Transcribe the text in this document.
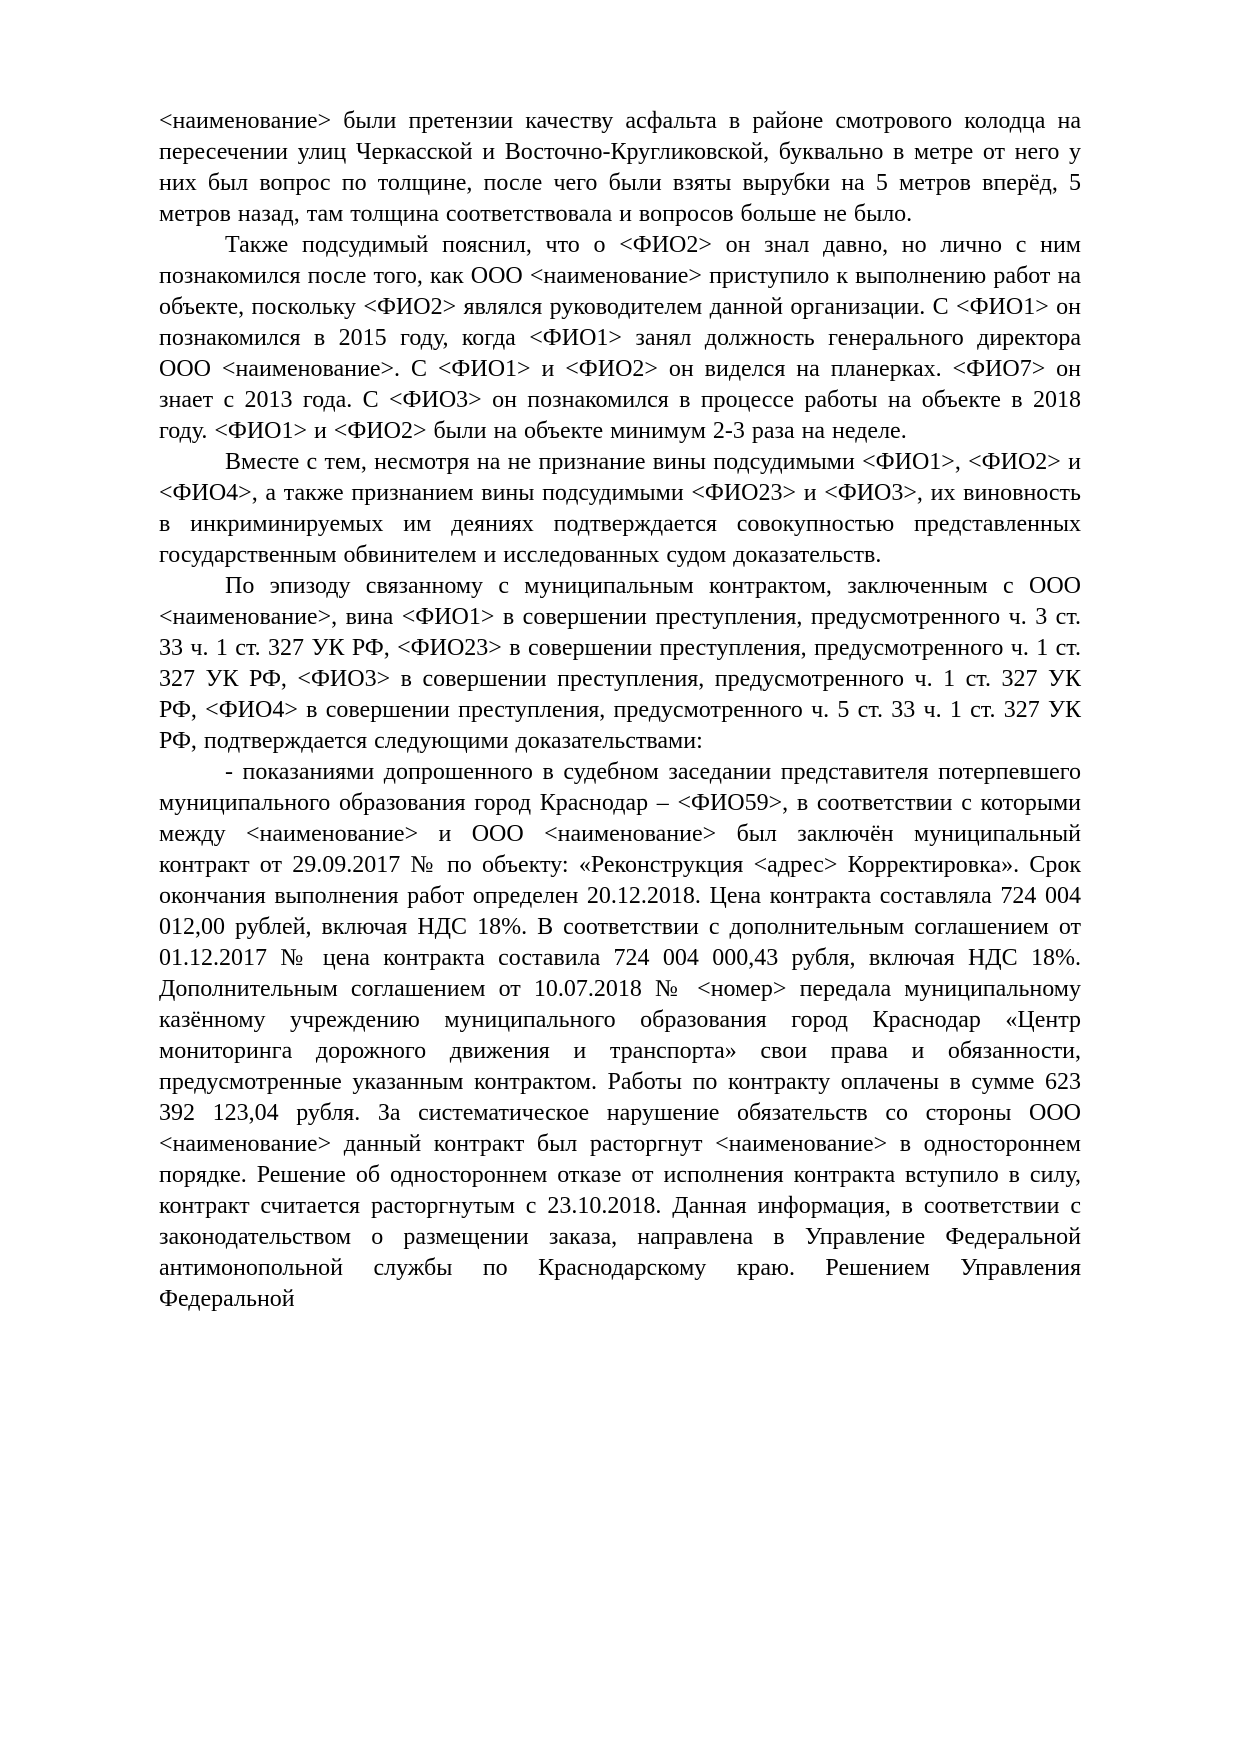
<наименование> были претензии качеству асфальта в районе смотрового колодца на пересечении улиц Черкасской и Восточно-Кругликовской, буквально в метре от него у них был вопрос по толщине, после чего были взяты вырубки на 5 метров вперёд, 5 метров назад, там толщина соответствовала и вопросов больше не было.

Также подсудимый пояснил, что о <ФИО2> он знал давно, но лично с ним познакомился после того, как ООО <наименование> приступило к выполнению работ на объекте, поскольку <ФИО2> являлся руководителем данной организации. С <ФИО1> он познакомился в 2015 году, когда <ФИО1> занял должность генерального директора ООО <наименование>. С <ФИО1> и <ФИО2> он виделся на планерках. <ФИО7> он знает с 2013 года. С <ФИО3> он познакомился в процессе работы на объекте в 2018 году. <ФИО1> и <ФИО2> были на объекте минимум 2-3 раза на неделе.

Вместе с тем, несмотря на не признание вины подсудимыми <ФИО1>, <ФИО2> и <ФИО4>, а также признанием вины подсудимыми <ФИО23> и <ФИО3>, их виновность в инкриминируемых им деяниях подтверждается совокупностью представленных государственным обвинителем и исследованных судом доказательств.

По эпизоду связанному с муниципальным контрактом, заключенным с ООО <наименование>, вина <ФИО1> в совершении преступления, предусмотренного ч. 3 ст. 33 ч. 1 ст. 327 УК РФ, <ФИО23> в совершении преступления, предусмотренного ч. 1 ст. 327 УК РФ, <ФИО3> в совершении преступления, предусмотренного ч. 1 ст. 327 УК РФ, <ФИО4> в совершении преступления, предусмотренного ч. 5 ст. 33 ч. 1 ст. 327 УК РФ, подтверждается следующими доказательствами:

- показаниями допрошенного в судебном заседании представителя потерпевшего муниципального образования город Краснодар – <ФИО59>, в соответствии с которыми между <наименование> и ООО <наименование> был заключён муниципальный контракт от 29.09.2017 № по объекту: «Реконструкция <адрес> Корректировка». Срок окончания выполнения работ определен 20.12.2018. Цена контракта составляла 724 004 012,00 рублей, включая НДС 18%. В соответствии с дополнительным соглашением от 01.12.2017 № цена контракта составила 724 004 000,43 рубля, включая НДС 18%. Дополнительным соглашением от 10.07.2018 № <номер> передала муниципальному казённому учреждению муниципального образования город Краснодар «Центр мониторинга дорожного движения и транспорта» свои права и обязанности, предусмотренные указанным контрактом. Работы по контракту оплачены в сумме 623 392 123,04 рубля. За систематическое нарушение обязательств со стороны ООО <наименование> данный контракт был расторгнут <наименование> в одностороннем порядке. Решение об одностороннем отказе от исполнения контракта вступило в силу, контракт считается расторгнутым с 23.10.2018. Данная информация, в соответствии с законодательством о размещении заказа, направлена в Управление Федеральной антимонопольной службы по Краснодарскому краю. Решением Управления Федеральной
